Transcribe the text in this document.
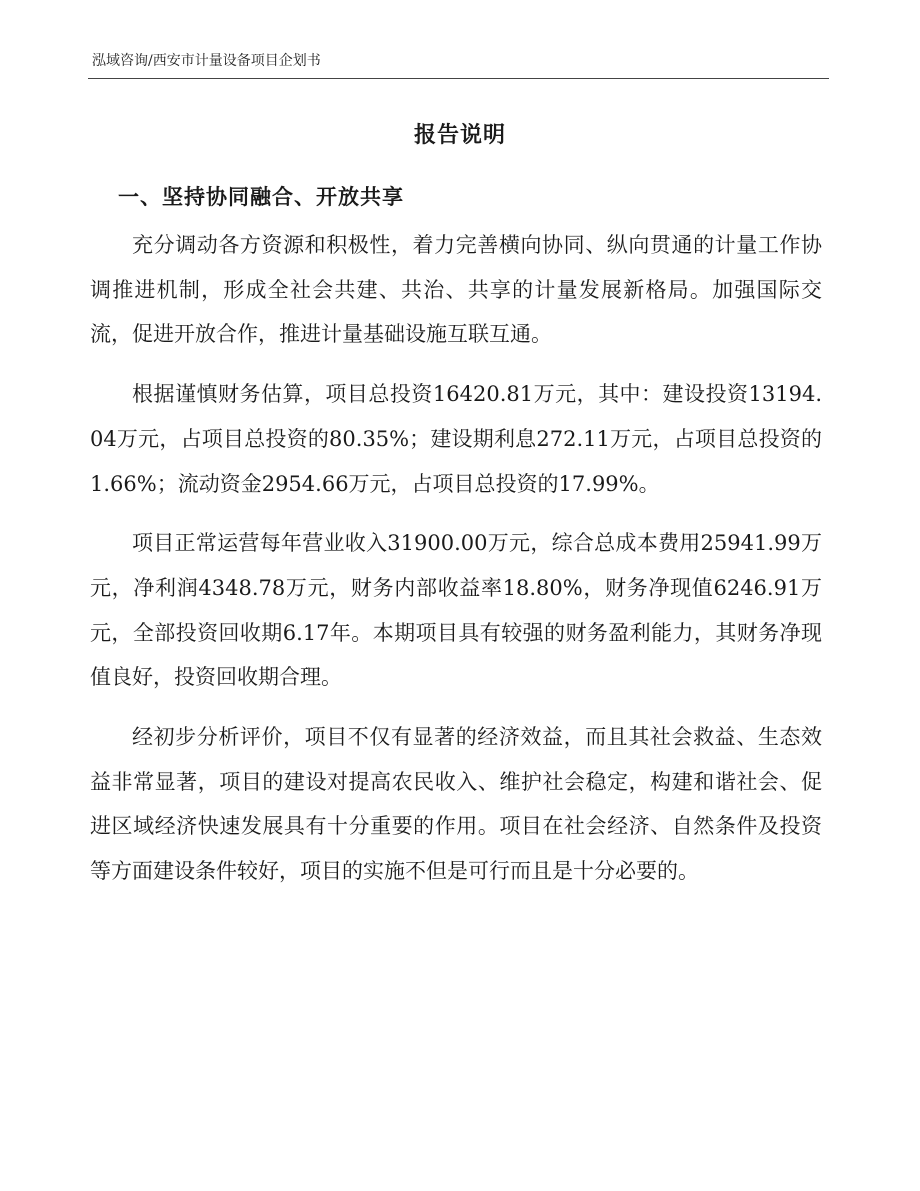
泓域咨询/西安市计量设备项目企划书
报告说明
一、坚持协同融合、开放共享

充分调动各方资源和积极性，着力完善横向协同、纵向贯通的计量工作协调推进机制，形成全社会共建、共治、共享的计量发展新格局。加强国际交流，促进开放合作，推进计量基础设施互联互通。

根据谨慎财务估算，项目总投资16420.81万元，其中：建设投资13194.04万元，占项目总投资的80.35%；建设期利息272.11万元，占项目总投资的1.66%；流动资金2954.66万元，占项目总投资的17.99%。

项目正常运营每年营业收入31900.00万元，综合总成本费用25941.99万元，净利润4348.78万元，财务内部收益率18.80%，财务净现值6246.91万元，全部投资回收期6.17年。本期项目具有较强的财务盈利能力，其财务净现值良好，投资回收期合理。

经初步分析评价，项目不仅有显著的经济效益，而且其社会救益、生态效益非常显著，项目的建设对提高农民收入、维护社会稳定，构建和谐社会、促进区域经济快速发展具有十分重要的作用。项目在社会经济、自然条件及投资等方面建设条件较好，项目的实施不但是可行而且是十分必要的。
